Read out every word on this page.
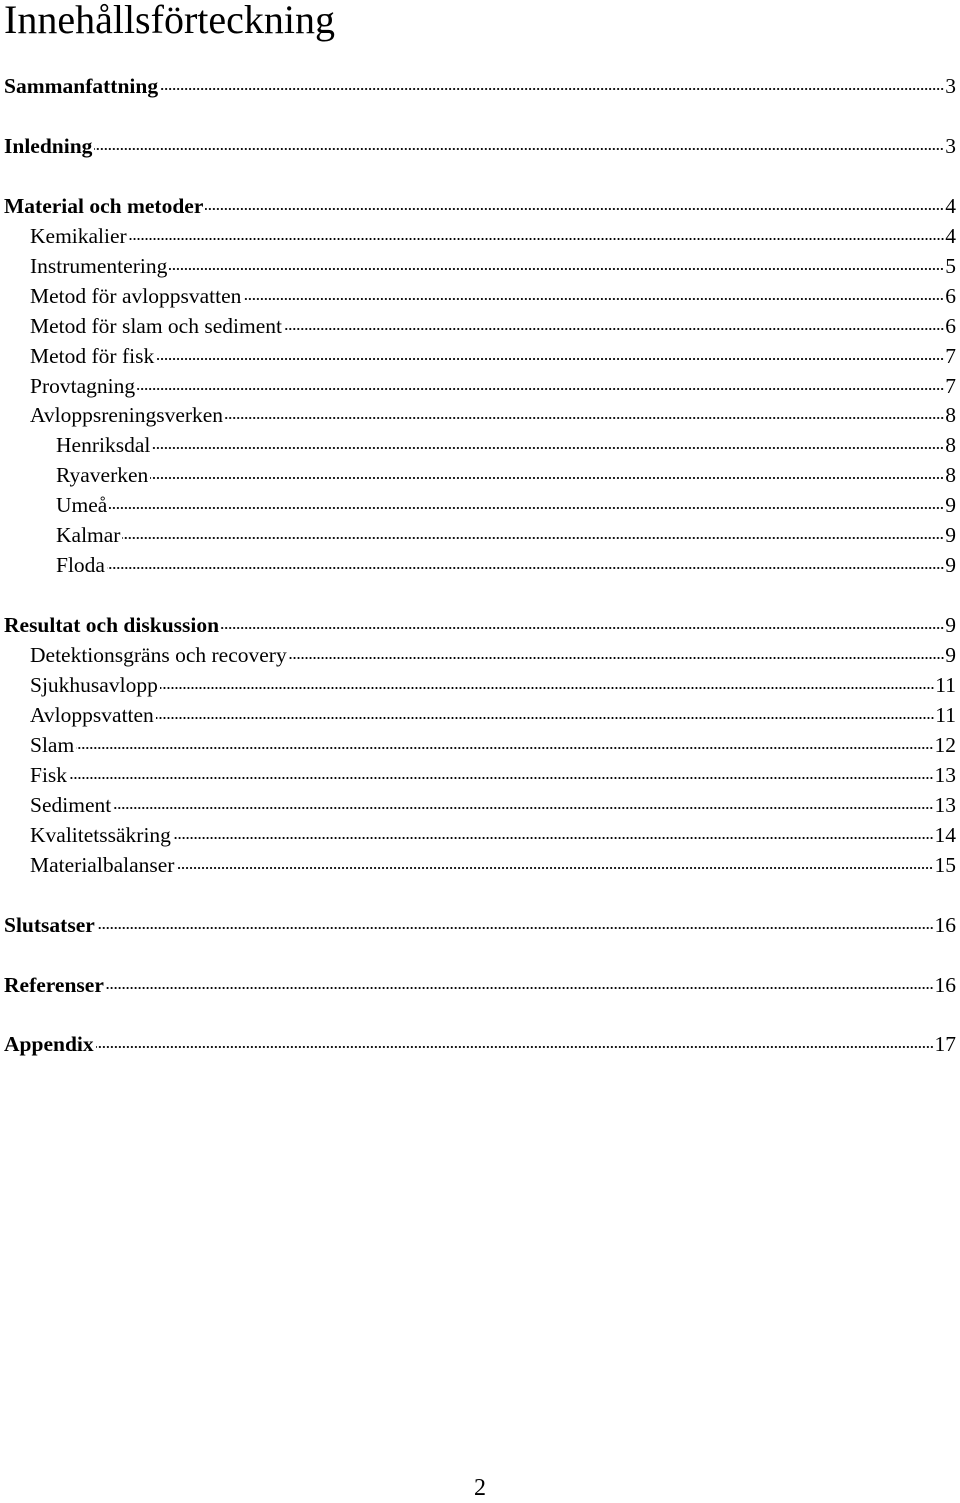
Innehållsförteckning
Sammanfattning	3
Inledning	3
Material och metoder	4
Kemikalier	4
Instrumentering	5
Metod för avloppsvatten	6
Metod för slam och sediment	6
Metod för fisk	7
Provtagning	7
Avloppsreningsverken	8
Henriksdal	8
Ryaverken	8
Umeå	9
Kalmar	9
Floda	9
Resultat och diskussion	9
Detektionsgräns och recovery	9
Sjukhusavlopp	11
Avloppsvatten	11
Slam	12
Fisk	13
Sediment	13
Kvalitetssäkring	14
Materialbalanser	15
Slutsatser	16
Referenser	16
Appendix	17
2
